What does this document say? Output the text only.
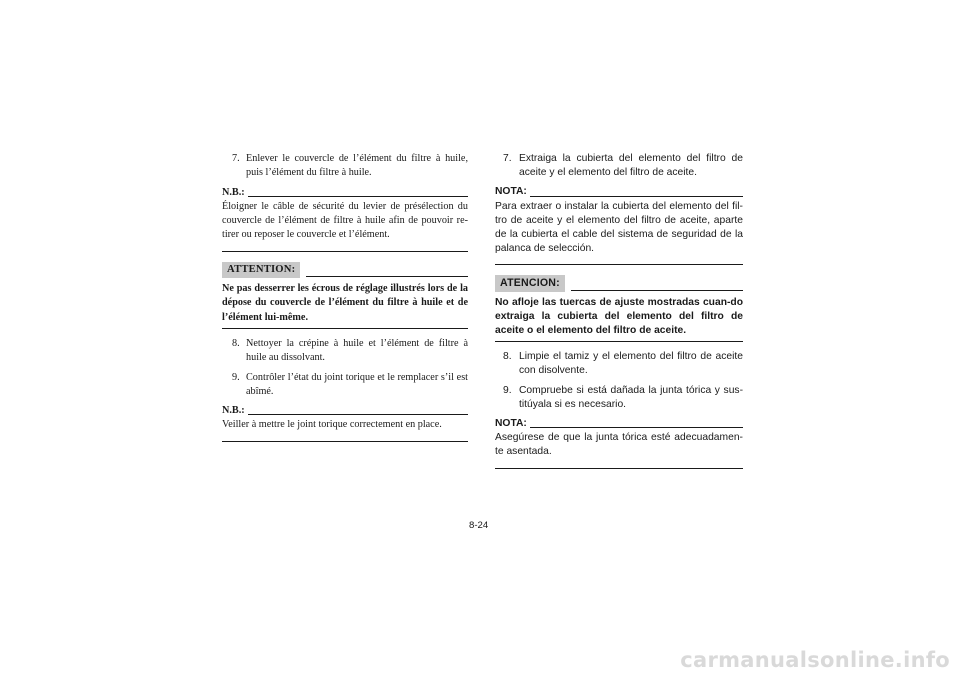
7. Enlever le couvercle de l’élément du filtre à huile, puis l’élément du filtre à huile.
N.B.:
Éloigner le câble de sécurité du levier de présélection du couvercle de l’élément de filtre à huile afin de pouvoir re-tirer ou reposer le couvercle et l’élément.
ATTENTION:
Ne pas desserrer les écrous de réglage illustrés lors de la dépose du couvercle de l’élément du filtre à huile et de l’élément lui-même.
8. Nettoyer la crépine à huile et l’élément de filtre à huile au dissolvant.
9. Contrôler l’état du joint torique et le remplacer s’il est abîmé.
N.B.:
Veiller à mettre le joint torique correctement en place.
7. Extraiga la cubierta del elemento del filtro de aceite y el elemento del filtro de aceite.
NOTA:
Para extraer o instalar la cubierta del elemento del fil-tro de aceite y el elemento del filtro de aceite, aparte de la cubierta el cable del sistema de seguridad de la palanca de selección.
ATENCION:
No afloje las tuercas de ajuste mostradas cuan-do extraiga la cubierta del elemento del filtro de aceite o el elemento del filtro de aceite.
8. Limpie el tamiz y el elemento del filtro de aceite con disolvente.
9. Compruebe si está dañada la junta tórica y sus-titúyala si es necesario.
NOTA:
Asegúrese de que la junta tórica esté adecuadamen-te asentada.
8-24
carmanualsonline.info
